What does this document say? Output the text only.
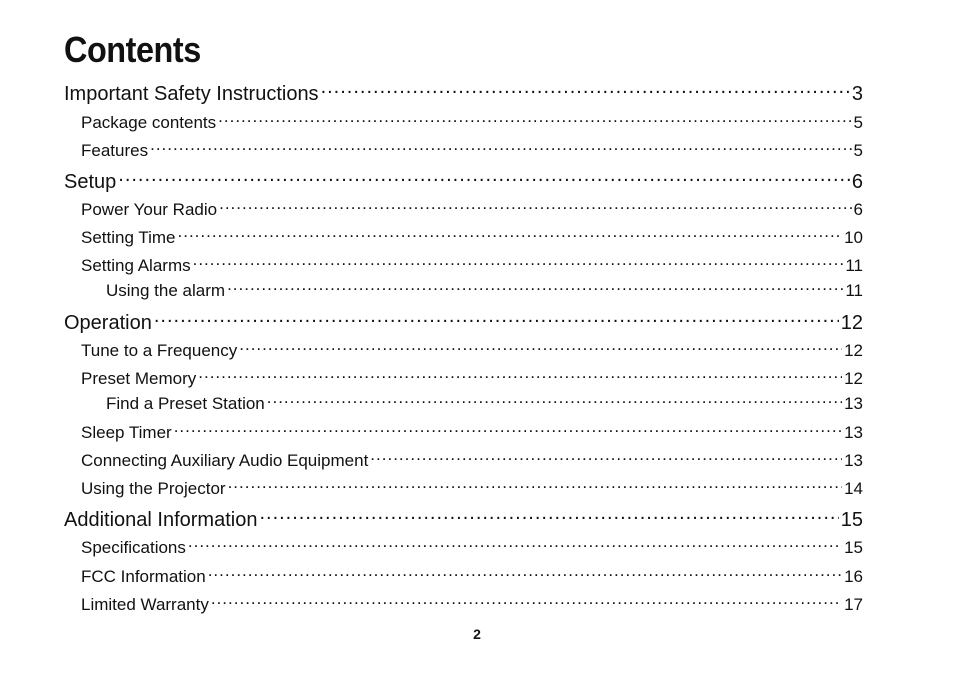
Contents
Important Safety Instructions .....	3
Package contents .....	5
Features .....	5
Setup .....	6
Power Your Radio .....	6
Setting Time .....	10
Setting Alarms .....	11
Using the alarm .....	11
Operation .....	12
Tune to a Frequency .....	12
Preset Memory .....	12
Find a Preset Station .....	13
Sleep Timer .....	13
Connecting Auxiliary Audio Equipment .....	13
Using the Projector .....	14
Additional Information .....	15
Specifications .....	15
FCC Information .....	16
Limited Warranty .....	17
2
